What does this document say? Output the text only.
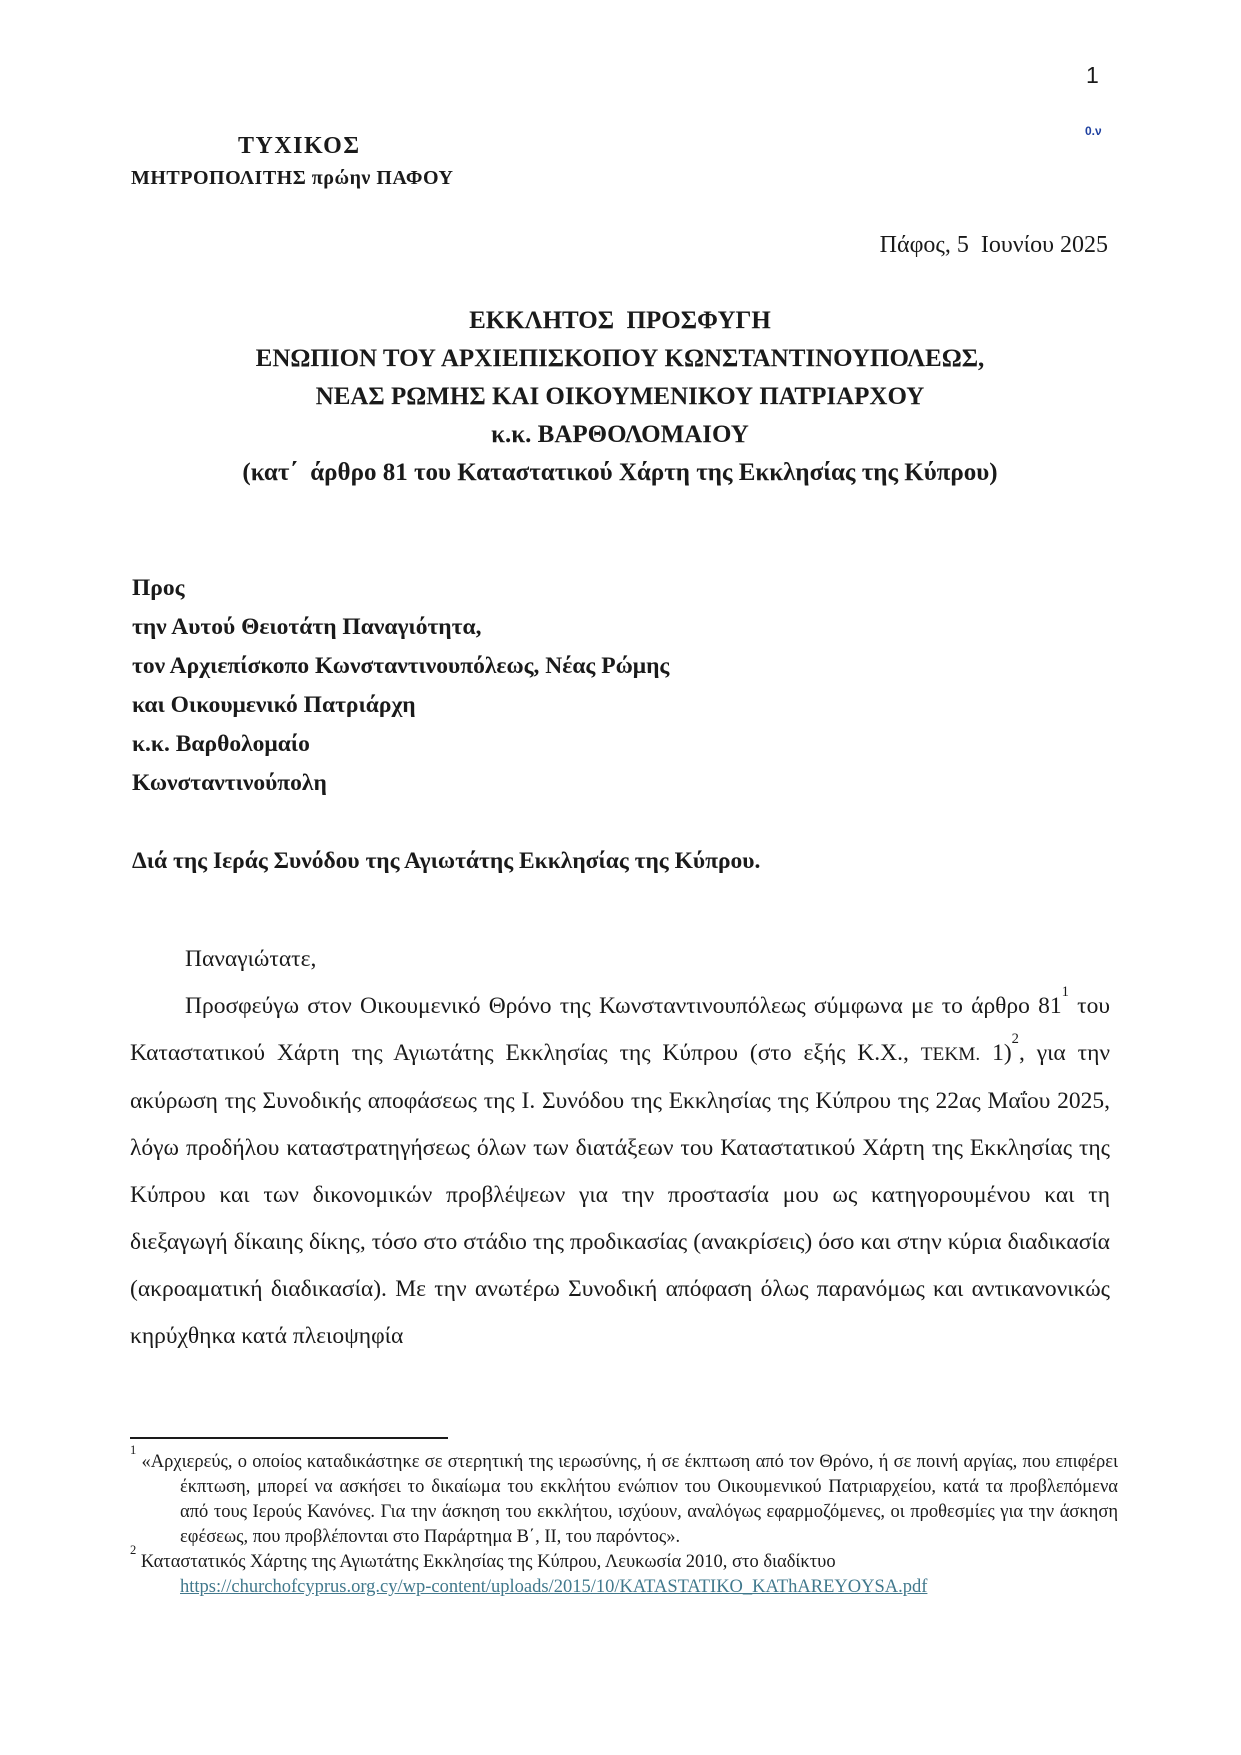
1
0.ν
ΤΥΧΙΚΟΣ
ΜΗΤΡΟΠΟΛΙΤΗΣ πρώην ΠΑΦΟΥ
Πάφος, 5  Ιουνίου 2025
ΕΚΚΛΗΤΟΣ  ΠΡΟΣΦΥΓΗ
ΕΝΩΠΙΟΝ ΤΟΥ ΑΡΧΙΕΠΙΣΚΟΠΟΥ ΚΩΝΣΤΑΝΤΙΝΟΥΠΟΛΕΩΣ,
ΝΕΑΣ ΡΩΜΗΣ ΚΑΙ ΟΙΚΟΥΜΕΝΙΚΟΥ ΠΑΤΡΙΑΡΧΟΥ
κ.κ. ΒΑΡΘΟΛΟΜΑΙΟΥ
(κατ΄  άρθρο 81 του Καταστατικού Χάρτη της Εκκλησίας της Κύπρου)
Προς
την Αυτού Θειοτάτη Παναγιότητα,
τον Αρχιεπίσκοπο Κωνσταντινουπόλεως, Νέας Ρώμης
και Οικουμενικό Πατριάρχη
κ.κ. Βαρθολομαίο
Κωνσταντινούπολη
Διά της Ιεράς Συνόδου της Αγιωτάτης Εκκλησίας της Κύπρου.

Παναγιώτατε,

Προσφεύγω στον Οικουμενικό Θρόνο της Κωνσταντινουπόλεως σύμφωνα με το άρθρο 81$^1$ του Καταστατικού Χάρτη της Αγιωτάτης Εκκλησίας της Κύπρου (στο εξής Κ.Χ., ΤΕΚΜ. 1)$^2$, για την ακύρωση της Συνοδικής αποφάσεως της Ι. Συνόδου της Εκκλησίας της Κύπρου της 22ας Μαΐου 2025, λόγω προδήλου καταστρατηγήσεως όλων των διατάξεων του Καταστατικού Χάρτη της Εκκλησίας της Κύπρου και των δικονομικών προβλέψεων για την προστασία μου ως κατηγορουμένου και τη διεξαγωγή δίκαιης δίκης, τόσο στο στάδιο της προδικασίας (ανακρίσεις) όσο και στην κύρια διαδικασία (ακροαματική διαδικασία). Με την ανωτέρω Συνοδική απόφαση όλως παρανόμως και αντικανονικώς κηρύχθηκα κατά πλειοψηφία

$^1$ «Αρχιερεύς, ο οποίος καταδικάστηκε σε στερητική της ιερωσύνης, ή σε έκπτωση από τον Θρόνο, ή σε ποινή αργίας, που επιφέρει έκπτωση, μπορεί να ασκήσει το δικαίωμα του εκκλήτου ενώπιον του Οικουμενικού Πατριαρχείου, κατά τα προβλεπόμενα από τους Ιερούς Κανόνες. Για την άσκηση του εκκλήτου, ισχύουν, αναλόγως εφαρμοζόμενες, οι προθεσμίες για την άσκηση εφέσεως, που προβλέπονται στο Παράρτημα Β΄, ΙΙ, του παρόντος».

$^2$ Καταστατικός Χάρτης της Αγιωτάτης Εκκλησίας της Κύπρου, Λευκωσία 2010, στο διαδίκτυο

https://churchofcyprus.org.cy/wp-content/uploads/2015/10/KATASTATIKO_KAThAREYOYSA.pdf
